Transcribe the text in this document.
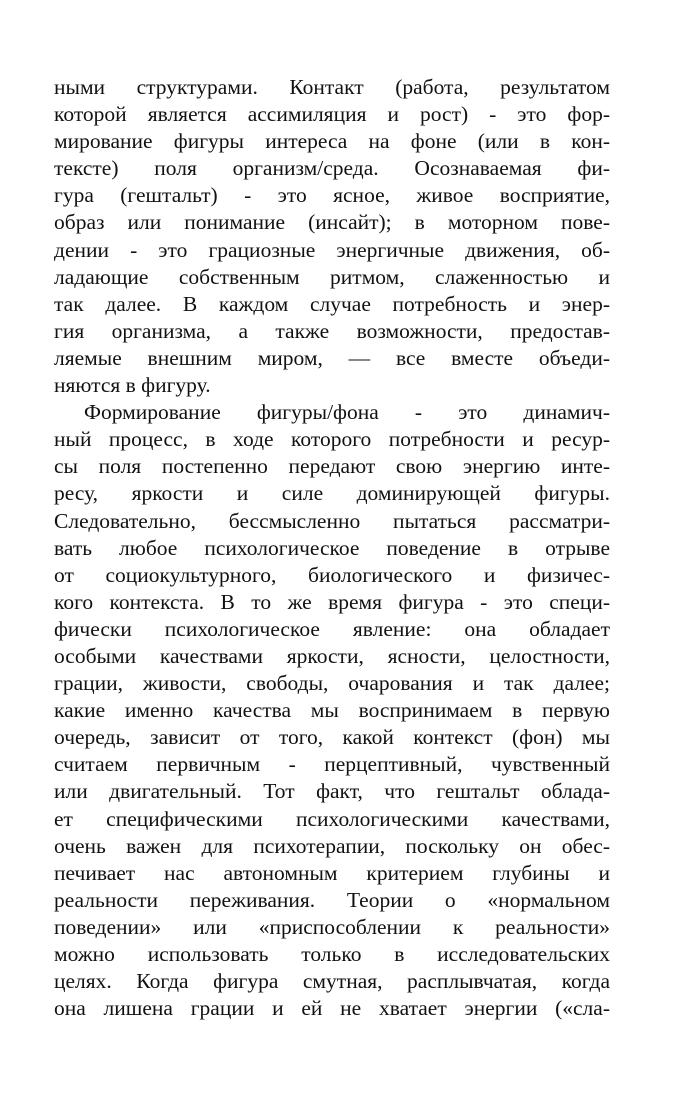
ными структурами. Контакт (работа, результатом
которой является ассимиляция и рост) - это фор-
мирование фигуры интереса на фоне (или в кон-
тексте) поля организм/среда. Осознаваемая фи-
гура (гештальт) - это ясное, живое восприятие,
образ или понимание (инсайт); в моторном пове-
дении - это грациозные энергичные движения, об-
ладающие собственным ритмом, слаженностью и
так далее. В каждом случае потребность и энер-
гия организма, а также возможности, предостав-
ляемые внешним миром, — все вместе объеди-
няются в фигуру.
Формирование фигуры/фона - это динамич-
ный процесс, в ходе которого потребности и ресур-
сы поля постепенно передают свою энергию инте-
ресу, яркости и силе доминирующей фигуры.
Следовательно, бессмысленно пытаться рассматри-
вать любое психологическое поведение в отрыве
от социокультурного, биологического и физичес-
кого контекста. В то же время фигура - это специ-
фически психологическое явление: она обладает
особыми качествами яркости, ясности, целостности,
грации, живости, свободы, очарования и так далее;
какие именно качества мы воспринимаем в первую
очередь, зависит от того, какой контекст (фон) мы
считаем первичным - перцептивный, чувственный
или двигательный. Тот факт, что гештальт облада-
ет специфическими психологическими качествами,
очень важен для психотерапии, поскольку он обес-
печивает нас автономным критерием глубины и
реальности переживания. Теории о «нормальном
поведении» или «приспособлении к реальности»
можно использовать только в исследовательских
целях. Когда фигура смутная, расплывчатая, когда
она лишена грации и ей не хватает энергии («сла-
